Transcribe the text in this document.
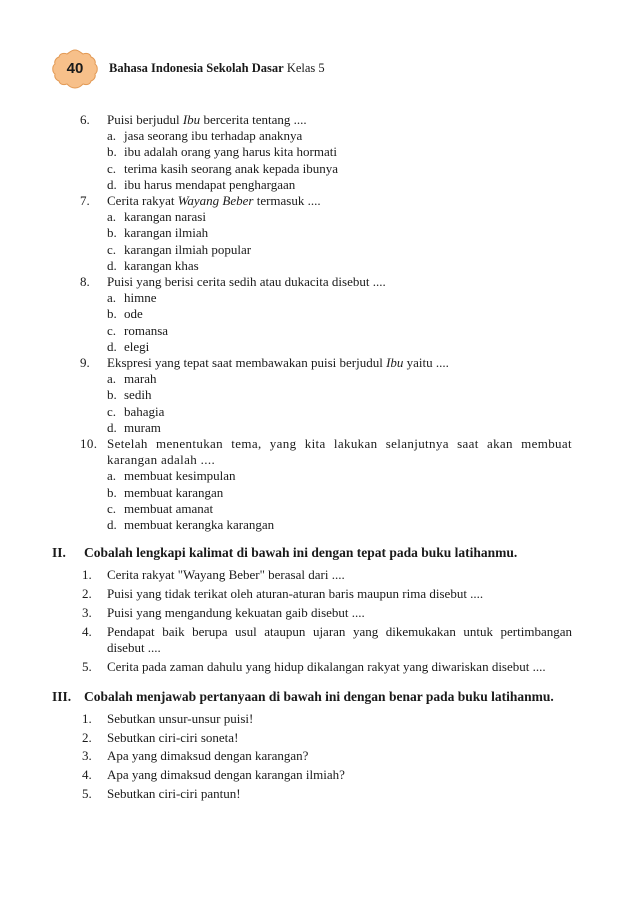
40	Bahasa Indonesia Sekolah Dasar Kelas 5
6. Puisi berjudul Ibu bercerita tentang ....
a. jasa seorang ibu terhadap anaknya
b. ibu adalah orang yang harus kita hormati
c. terima kasih seorang anak kepada ibunya
d. ibu harus mendapat penghargaan
7. Cerita rakyat Wayang Beber termasuk ....
a. karangan narasi
b. karangan ilmiah
c. karangan ilmiah popular
d. karangan khas
8. Puisi yang berisi cerita sedih atau dukacita disebut ....
a. himne
b. ode
c. romansa
d. elegi
9. Ekspresi yang tepat saat membawakan puisi berjudul Ibu yaitu ....
a. marah
b. sedih
c. bahagia
d. muram
10. Setelah menentukan tema, yang kita lakukan selanjutnya saat akan membuat karangan adalah ....
a. membuat kesimpulan
b. membuat karangan
c. membuat amanat
d. membuat kerangka karangan
II. Cobalah lengkapi kalimat di bawah ini dengan tepat pada buku latihanmu.
1. Cerita rakyat "Wayang Beber" berasal dari ....
2. Puisi yang tidak terikat oleh aturan-aturan baris maupun rima disebut ....
3. Puisi yang mengandung kekuatan gaib disebut ....
4. Pendapat baik berupa usul ataupun ujaran yang dikemukakan untuk pertimbangan disebut ....
5. Cerita pada zaman dahulu yang hidup dikalangan rakyat yang diwariskan disebut ....
III. Cobalah menjawab pertanyaan di bawah ini dengan benar pada buku latihanmu.
1. Sebutkan unsur-unsur puisi!
2. Sebutkan ciri-ciri soneta!
3. Apa yang dimaksud dengan karangan?
4. Apa yang dimaksud dengan karangan ilmiah?
5. Sebutkan ciri-ciri pantun!
